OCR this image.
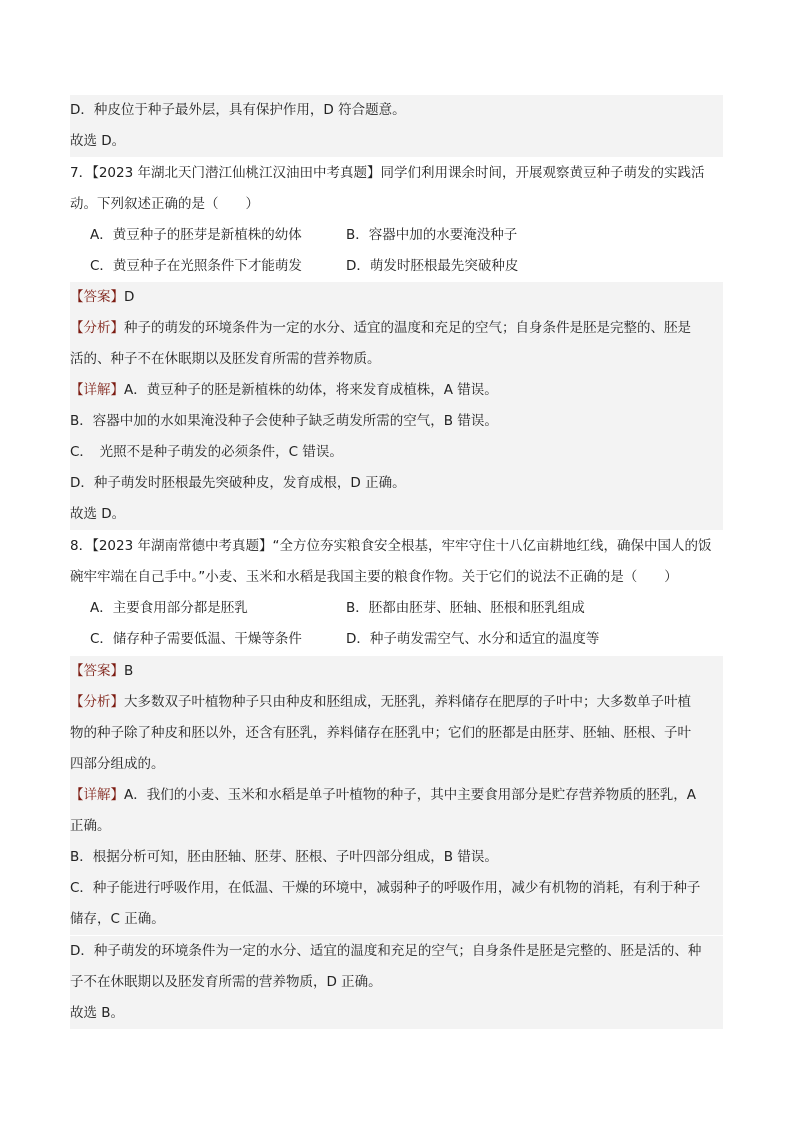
D．种皮位于种子最外层，具有保护作用，D 符合题意。
故选 D。
7．【2023 年湖北天门潜江仙桃江汉油田中考真题】同学们利用课余时间，开展观察黄豆种子萌发的实践活
动。下列叙述正确的是（　　）
A．黄豆种子的胚芽是新植株的幼体	B．容器中加的水要淹没种子
C．黄豆种子在光照条件下才能萌发	D．萌发时胚根最先突破种皮
【答案】D
【分析】种子的萌发的环境条件为一定的水分、适宜的温度和充足的空气；自身条件是胚是完整的、胚是
活的、种子不在休眠期以及胚发育所需的营养物质。
【详解】A．黄豆种子的胚是新植株的幼体，将来发育成植株，A 错误。
B．容器中加的水如果淹没种子会使种子缺乏萌发所需的空气，B 错误。
C．　光照不是种子萌发的必须条件，C 错误。
D．种子萌发时胚根最先突破种皮，发育成根，D 正确。
故选 D。
8．【2023 年湖南常德中考真题】“全方位夯实粮食安全根基，牢牢守住十八亿亩耕地红线，确保中国人的饭
碗牢牢端在自己手中。”小麦、玉米和水稻是我国主要的粮食作物。关于它们的说法不正确的是（　　）
A．主要食用部分都是胚乳	B．胚都由胚芽、胚轴、胚根和胚乳组成
C．储存种子需要低温、干燥等条件	D．种子萌发需空气、水分和适宜的温度等
【答案】B
【分析】大多数双子叶植物种子只由种皮和胚组成，无胚乳，养料储存在肥厚的子叶中；大多数单子叶植
物的种子除了种皮和胚以外，还含有胚乳，养料储存在胚乳中；它们的胚都是由胚芽、胚轴、胚根、子叶
四部分组成的。
【详解】A．我们的小麦、玉米和水稻是单子叶植物的种子，其中主要食用部分是贮存营养物质的胚乳，A
正确。
B．根据分析可知，胚由胚轴、胚芽、胚根、子叶四部分组成，B 错误。
C．种子能进行呼吸作用，在低温、干燥的环境中，减弱种子的呼吸作用，减少有机物的消耗，有利于种子
储存，C 正确。
D．种子萌发的环境条件为一定的水分、适宜的温度和充足的空气；自身条件是胚是完整的、胚是活的、种
子不在休眠期以及胚发育所需的营养物质，D 正确。
故选 B。
